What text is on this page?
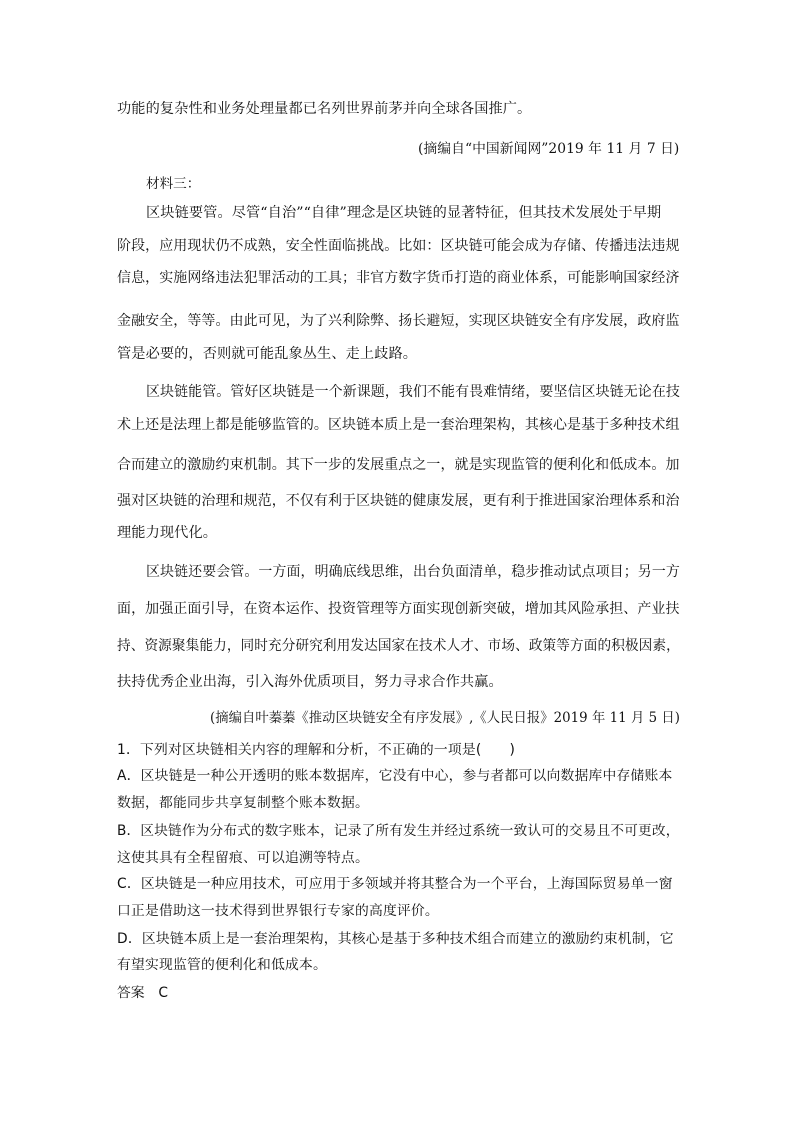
功能的复杂性和业务处理量都已名列世界前茅并向全球各国推广。
(摘编自“中国新闻网”2019 年 11 月 7 日)
材料三：
区块链要管。尽管“自治”“自律”理念是区块链的显著特征，但其技术发展处于早期
阶段，应用现状仍不成熟，安全性面临挑战。比如：区块链可能会成为存储、传播违法违规
信息，实施网络违法犯罪活动的工具；非官方数字货币打造的商业体系，可能影响国家经济
金融安全，等等。由此可见，为了兴利除弊、扬长避短，实现区块链安全有序发展，政府监
管是必要的，否则就可能乱象丛生、走上歧路。
区块链能管。管好区块链是一个新课题，我们不能有畏难情绪，要坚信区块链无论在技
术上还是法理上都是能够监管的。区块链本质上是一套治理架构，其核心是基于多种技术组
合而建立的激励约束机制。其下一步的发展重点之一，就是实现监管的便利化和低成本。加
强对区块链的治理和规范，不仅有利于区块链的健康发展，更有利于推进国家治理体系和治
理能力现代化。
区块链还要会管。一方面，明确底线思维，出台负面清单，稳步推动试点项目；另一方
面，加强正面引导，在资本运作、投资管理等方面实现创新突破，增加其风险承担、产业扶
持、资源聚集能力，同时充分研究利用发达国家在技术人才、市场、政策等方面的积极因素，
扶持优秀企业出海，引入海外优质项目，努力寻求合作共赢。
(摘编自叶蓁蓁《推动区块链安全有序发展》,《人民日报》2019 年 11 月 5 日)
1．下列对区块链相关内容的理解和分析，不正确的一项是(　　)
A．区块链是一种公开透明的账本数据库，它没有中心，参与者都可以向数据库中存储账本
数据，都能同步共享复制整个账本数据。
B．区块链作为分布式的数字账本，记录了所有发生并经过系统一致认可的交易且不可更改，
这使其具有全程留痕、可以追溯等特点。
C．区块链是一种应用技术，可应用于多领域并将其整合为一个平台，上海国际贸易单一窗
口正是借助这一技术得到世界银行专家的高度评价。
D．区块链本质上是一套治理架构，其核心是基于多种技术组合而建立的激励约束机制，它
有望实现监管的便利化和低成本。
答案　C
